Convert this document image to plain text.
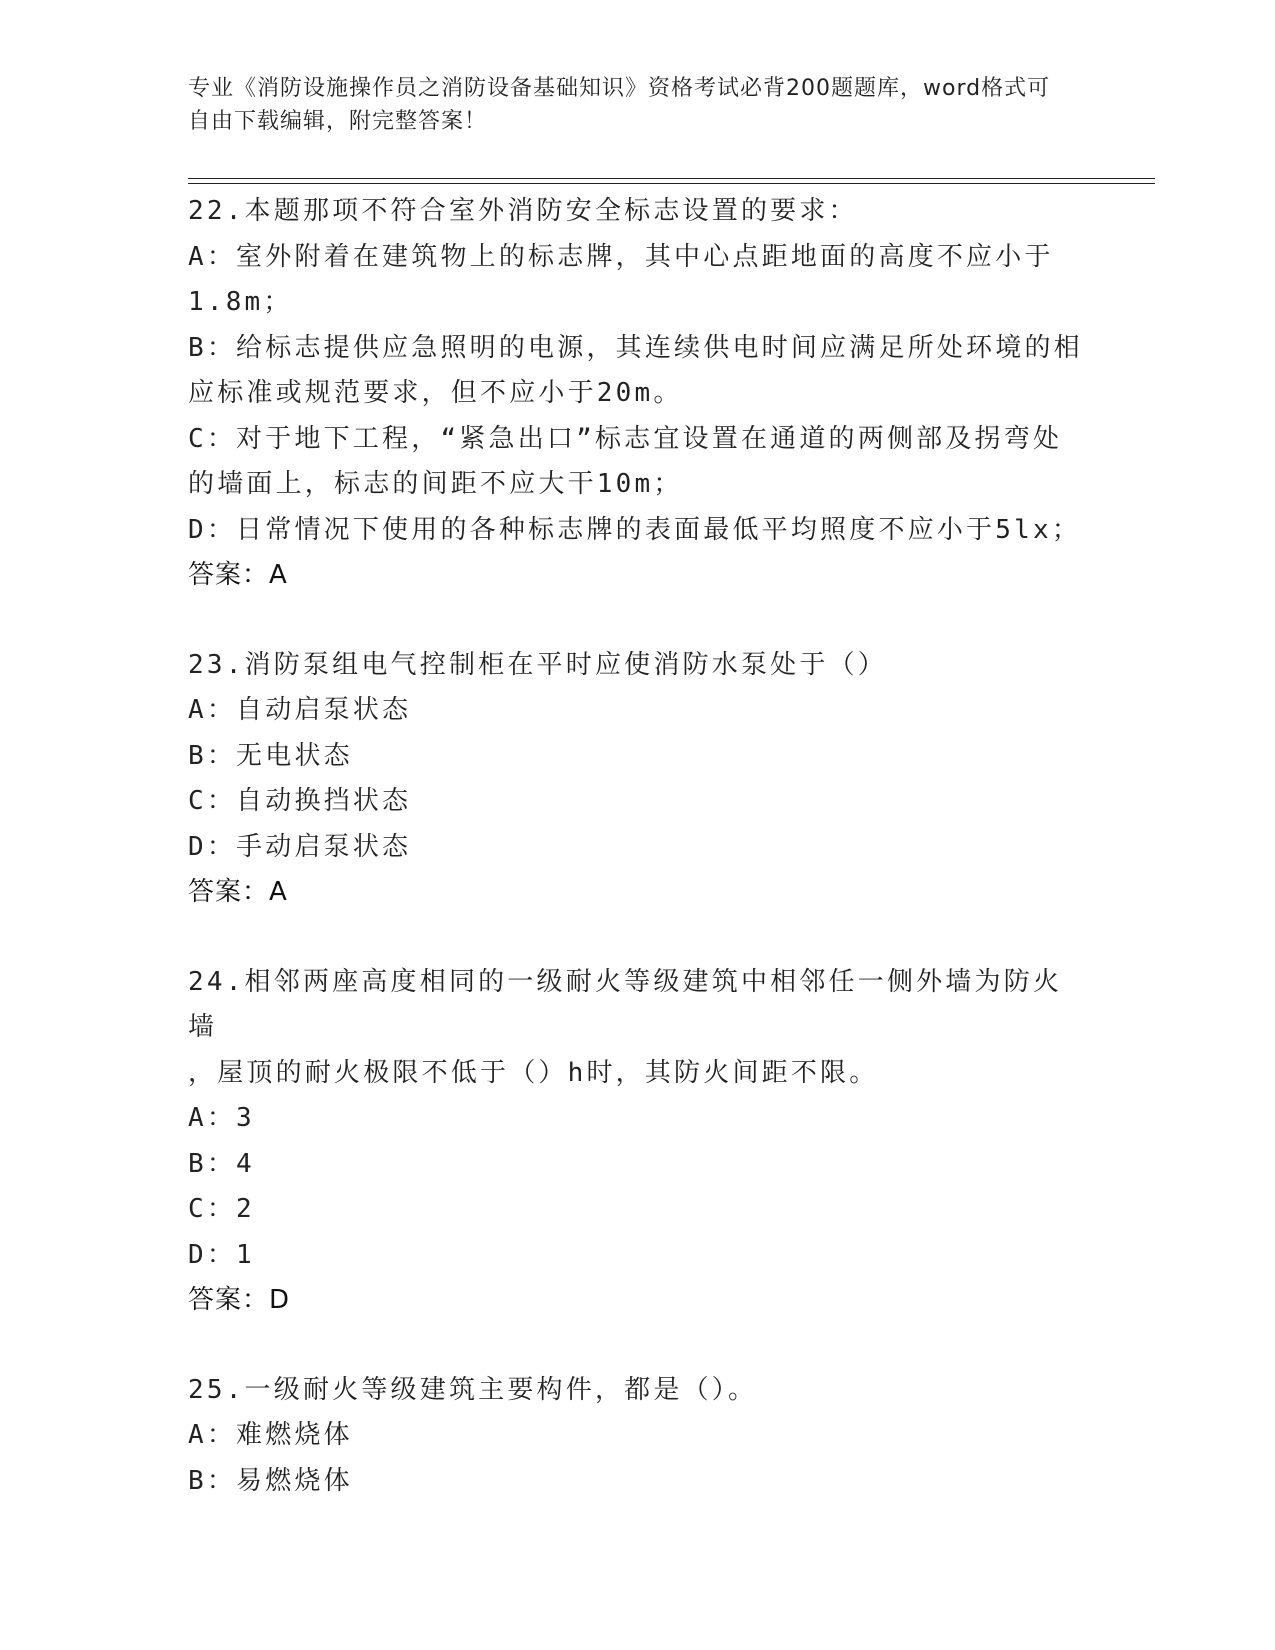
专业《消防设施操作员之消防设备基础知识》资格考试必背200题题库，word格式可自由下载编辑，附完整答案！
22.本题那项不符合室外消防安全标志设置的要求：
A：室外附着在建筑物上的标志牌，其中心点距地面的高度不应小于
1.8m；
B：给标志提供应急照明的电源，其连续供电时间应满足所处环境的相
应标准或规范要求，但不应小于20m。
C：对于地下工程，“紧急出口”标志宜设置在通道的两侧部及拐弯处
的墙面上，标志的间距不应大干10m；
D：日常情况下使用的各种标志牌的表面最低平均照度不应小于5lx；
答案：A
23.消防泵组电气控制柜在平时应使消防水泵处于（）
A：自动启泵状态
B：无电状态
C：自动换挡状态
D：手动启泵状态
答案：A
24.相邻两座高度相同的一级耐火等级建筑中相邻任一侧外墙为防火墙
，屋顶的耐火极限不低于（）h时，其防火间距不限。
A：3
B：4
C：2
D：1
答案：D
25.一级耐火等级建筑主要构件，都是（）。
A：难燃烧体
B：易燃烧体
